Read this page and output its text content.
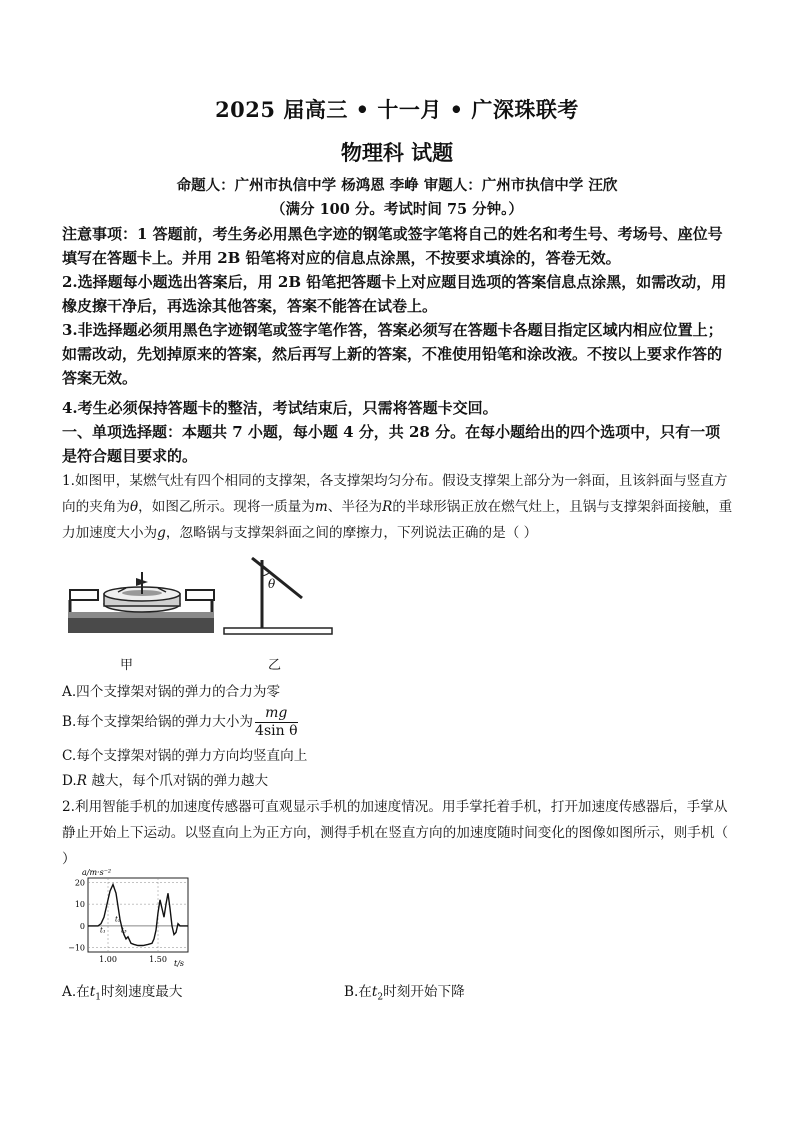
2025 届高三 • 十一月 • 广深珠联考
物理科 试题
命题人：广州市执信中学 杨鸿恩 李峥 审题人：广州市执信中学 汪欣
（满分 100 分。考试时间 75 分钟。）
注意事项：1 答题前，考生务必用黑色字迹的钢笔或签字笔将自己的姓名和考生号、考场号、座位号填写在答题卡上。并用 2B 铅笔将对应的信息点涂黑，不按要求填涂的，答卷无效。
2.选择题每小题选出答案后，用 2B 铅笔把答题卡上对应题目选项的答案信息点涂黑，如需改动，用橡皮擦干净后，再选涂其他答案，答案不能答在试卷上。
3.非选择题必须用黑色字迹钢笔或签字笔作答，答案必须写在答题卡各题目指定区域内相应位置上；如需改动，先划掉原来的答案，然后再写上新的答案，不准使用铅笔和涂改液。不按以上要求作答的答案无效。
4.考生必须保持答题卡的整洁，考试结束后，只需将答题卡交回。
一、单项选择题：本题共 7 小题，每小题 4 分，共 28 分。在每小题给出的四个选项中，只有一项是符合题目要求的。
1.如图甲，某燃气灶有四个相同的支撑架，各支撑架均匀分布。假设支撑架上部分为一斜面，且该斜面与竖直方向的夹角为θ，如图乙所示。现将一质量为m、半径为R的半球形锅正放在燃气灶上，且锅与支撑架斜面接触，重力加速度大小为g，忽略锅与支撑架斜面之间的摩擦力，下列说法正确的是（ ）
甲
θ
乙
A.四个支撑架对锅的弹力的合力为零
B.每个支撑架给锅的弹力大小为 $\frac{mg}{\text{4sin θ}}$
C.每个支撑架对锅的弹力方向均竖直向上
D.R 越大，每个爪对锅的弹力越大
2.利用智能手机的加速度传感器可直观显示手机的加速度情况。用手掌托着手机，打开加速度传感器后，手掌从静止开始上下运动。以竖直向上为正方向，测得手机在竖直方向的加速度随时间变化的图像如图所示，则手机（ ）
a/m·s⁻²
t/s
20
10
0
−10
1.00	1.50
t₁
t₂
t₃
A.在$t_1$时刻速度最大	B.在$t_2$时刻开始下降
